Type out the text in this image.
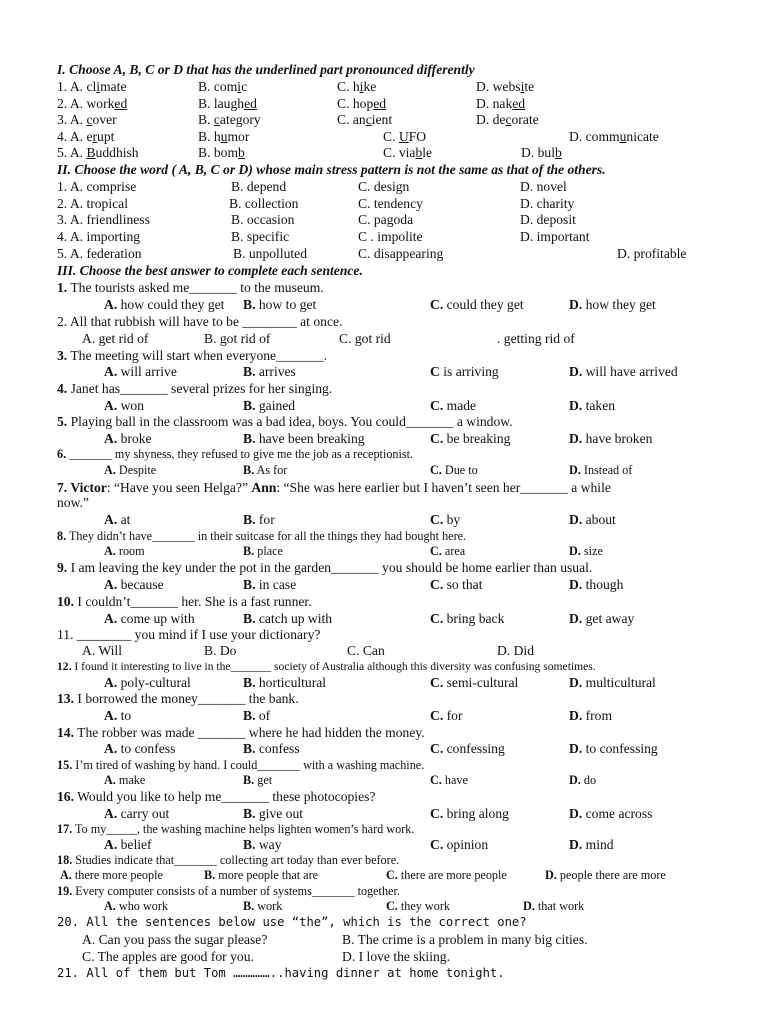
I. Choose A, B, C or D that has the underlined part pronounced differently
1. A. climate	B. comic	C. hike	D. website
2. A. worked	B. laughed	C. hoped	D. naked
3. A. cover	B. category	C. ancient	D. decorate
4. A. erupt	B. humor	C. UFO	D. communicate
5. A. Buddhish	B. bomb	C. viable	D. bulb
II. Choose the word ( A, B, C or D) whose main stress pattern is not the same as that of the others.
1. A. comprise	B. depend	C. design	D. novel
2. A. tropical	B. collection	C. tendency	D. charity
3. A. friendliness	B. occasion	C. pagoda	D. deposit
4. A. importing	B. specific	C . impolite	D. important
5. A. federation	B. unpolluted	C. disappearing	D. profitable
III. Choose the best answer to complete each sentence.
1. The tourists asked me_______ to the museum.
A. how could they get B. how to get	C. could they get	D. how they get
2. All that rubbish will have to be ________ at once.
A. get rid of	B. got rid of	C. got rid	. getting rid of
3. The meeting will start when everyone_______.
A. will arrive	B. arrives	C is arriving	D. will have arrived
4. Janet has_______ several prizes for her singing.
A. won	B. gained	C. made	D. taken
5. Playing ball in the classroom was a bad idea, boys. You could_______ a window.
A. broke	B. have been breaking	C. be breaking	D. have broken
6. _______ my shyness, they refused to give me the job as a receptionist.
A. Despite	B. As for	C. Due to	D. Instead of
7. Victor: “Have you seen Helga?” Ann: “She was here earlier but I haven’t seen her_______ a while
now.”
A. at	B. for	C. by	D. about
8. They didn’t have_______ in their suitcase for all the things they had bought here.
A. room	B. place	C. area	D. size
9. I am leaving the key under the pot in the garden_______ you should be home earlier than usual.
A. because	B. in case	C. so that	D. though
10. I couldn’t_______ her. She is a fast runner.
A. come up with	B. catch up with	C. bring back	D. get away
11. ________ you mind if I use your dictionary?
A. Will	B. Do	C. Can	D. Did
12. I found it interesting to live in the_______ society of Australia although this diversity was confusing sometimes.
A. poly-cultural	B. horticultural	C. semi-cultural	D. multicultural
13. I borrowed the money_______ the bank.
A. to	B. of	C. for	D. from
14. The robber was made _______ where he had hidden the money.
A. to confess	B. confess	C. confessing	D. to confessing
15. I’m tired of washing by hand. I could_______ with a washing machine.
A. make	B. get	C. have	D. do
16. Would you like to help me_______ these photocopies?
A. carry out	B. give out	C. bring along	D. come across
17. To my_____, the washing machine helps lighten women’s hard work.
A. belief	B. way	C. opinion	D. mind
18. Studies indicate that_______ collecting art today than ever before.
A. there more people	B. more people that are	C. there are more people	D. people there are more
19. Every computer consists of a number of systems_______ together.
A. who work	B. work	C. they work	D. that work
20. All the sentences below use “the”, which is the correct one?
A. Can you pass the sugar please?	B. The crime is a problem in many big cities.
C. The apples are good for you.	D. I love the skiing.
21. All of them but Tom ……………..having dinner at home tonight.
